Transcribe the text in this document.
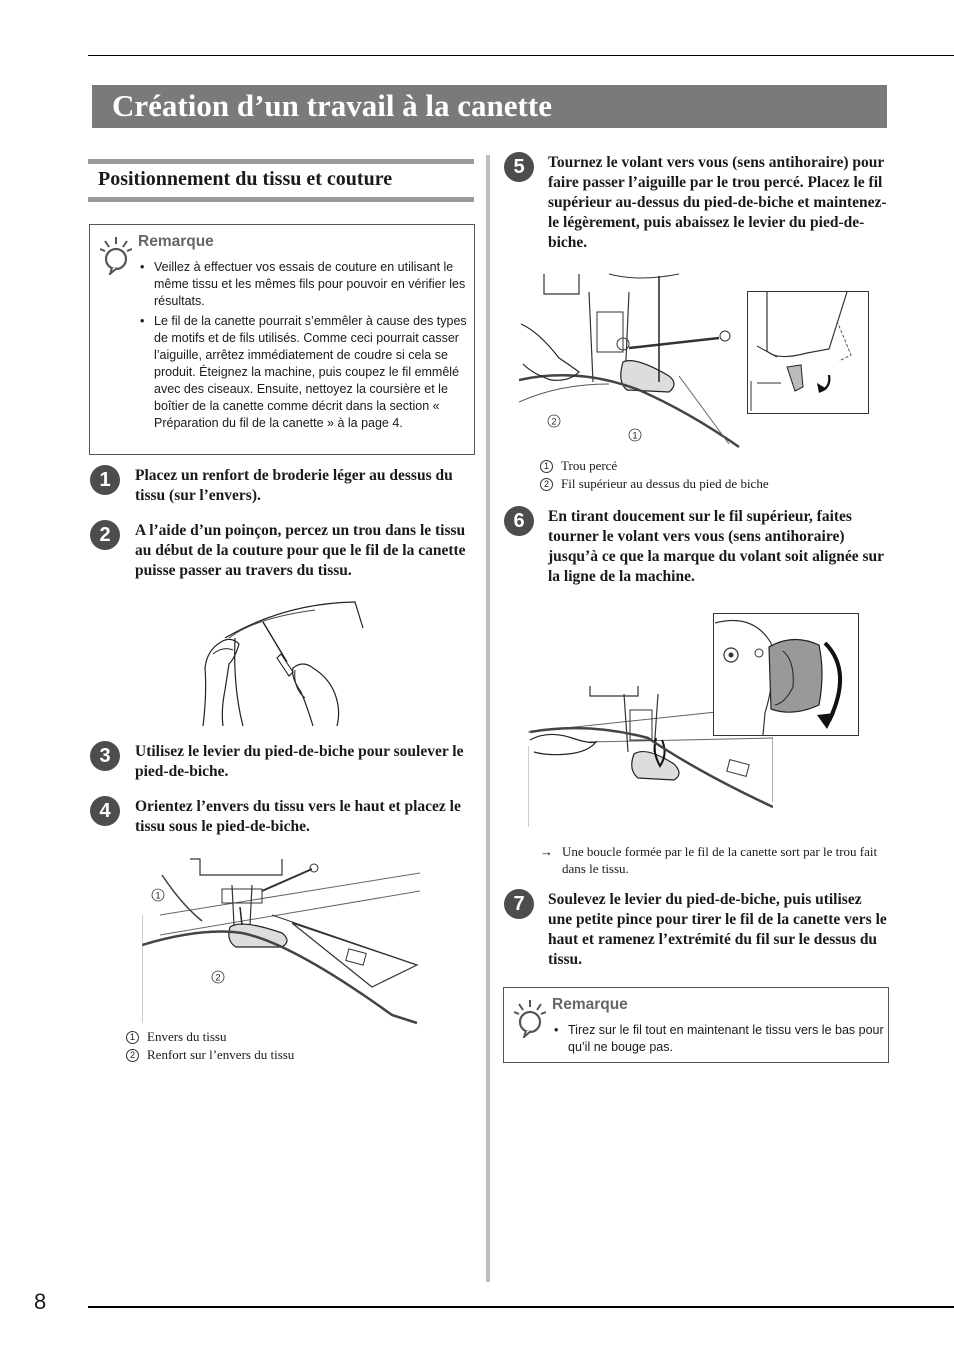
Création d’un travail à la canette
Positionnement du tissu et couture
Remarque
• Veillez à effectuer vos essais de couture en utilisant le même tissu et les mêmes fils pour pouvoir en vérifier les résultats.
• Le fil de la canette pourrait s’emmêler à cause des types de motifs et de fils utilisés. Comme ceci pourrait casser l’aiguille, arrêtez immédiatement de coudre si cela se produit. Éteignez la machine, puis coupez le fil emmêlé avec des ciseaux. Ensuite, nettoyez la coursière et le boîtier de la canette comme décrit dans la section « Préparation du fil de la canette » à la page 4.
1	Placez un renfort de broderie léger au dessus du tissu (sur l’envers).
2	A l’aide d’un poinçon, percez un trou dans le tissu au début de la couture pour que le fil de la canette puisse passer au travers du tissu.
3	Utilisez le levier du pied-de-biche pour soulever le pied-de-biche.
4	Orientez l’envers du tissu vers le haut et placez le tissu sous le pied-de-biche.
1
2
1 Envers du tissu
2 Renfort sur l’envers du tissu
5	Tournez le volant vers vous (sens antihoraire) pour faire passer l’aiguille par le trou percé. Placez le fil supérieur au-dessus du pied-de-biche et maintenez-le légèrement, puis abaissez le levier du pied-de-biche.
2
1
1 Trou percé
2 Fil supérieur au dessus du pied de biche
6	En tirant doucement sur le fil supérieur, faites tourner le volant vers vous (sens antihoraire) jusqu’à ce que la marque du volant soit alignée sur la ligne de la machine.
→ Une boucle formée par le fil de la canette sort par le trou fait dans le tissu.
7	Soulevez le levier du pied-de-biche, puis utilisez une petite pince pour tirer le fil de la canette vers le haut et ramenez l’extrémité du fil sur le dessus du tissu.
Remarque
• Tirez sur le fil tout en maintenant le tissu vers le bas pour qu’il ne bouge pas.
8
